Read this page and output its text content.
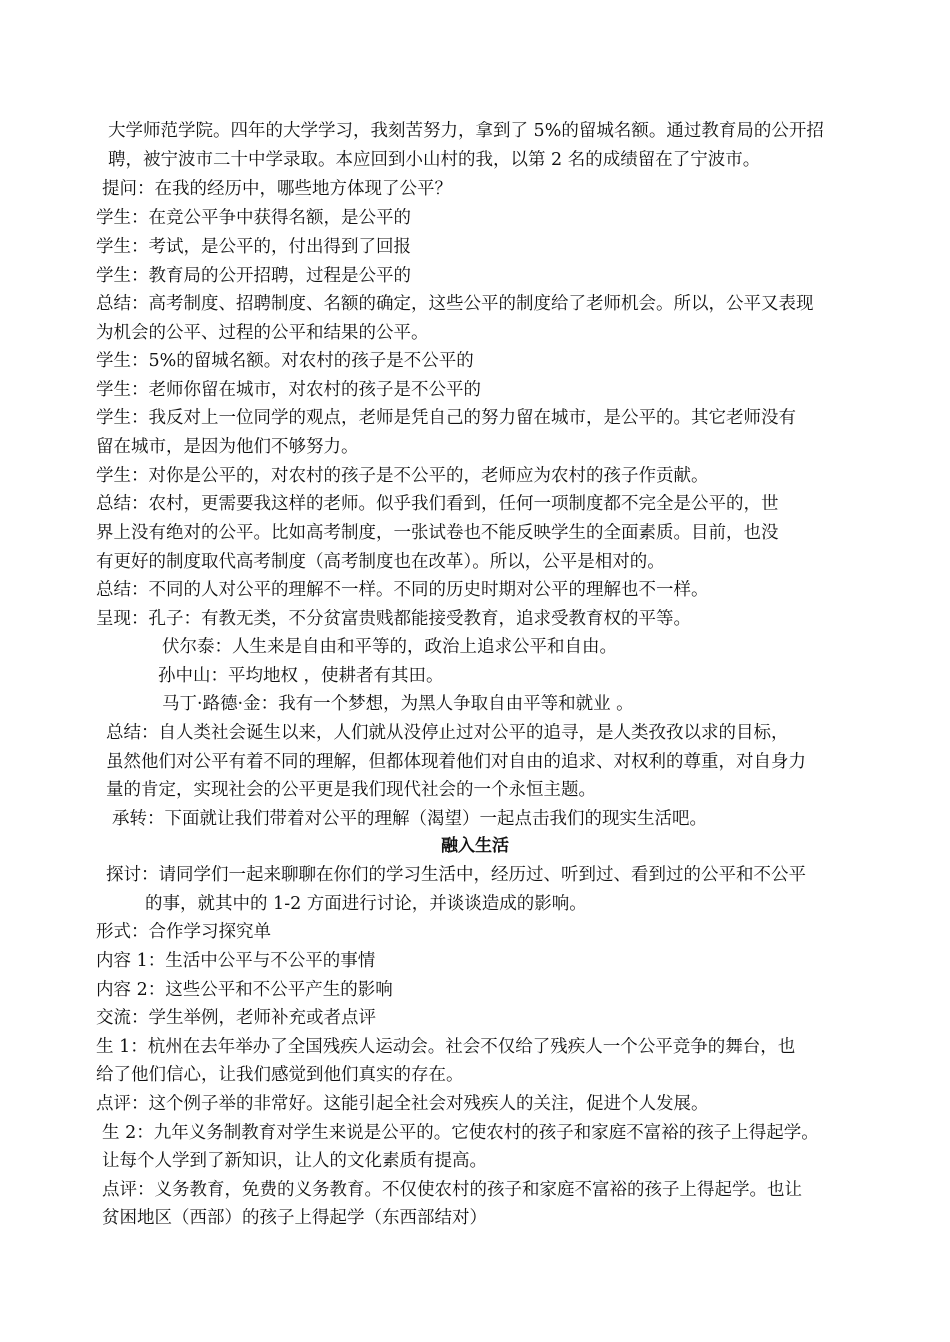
大学师范学院。四年的大学学习，我刻苦努力，拿到了 5%的留城名额。通过教育局的公开招
聘，被宁波市二十中学录取。本应回到小山村的我，以第 2 名的成绩留在了宁波市。
提问：在我的经历中，哪些地方体现了公平？
学生：在竞公平争中获得名额，是公平的
学生：考试，是公平的，付出得到了回报
学生：教育局的公开招聘，过程是公平的
总结：高考制度、招聘制度、名额的确定，这些公平的制度给了老师机会。所以，公平又表现
为机会的公平、过程的公平和结果的公平。
学生：5%的留城名额。对农村的孩子是不公平的
学生：老师你留在城市，对农村的孩子是不公平的
学生：我反对上一位同学的观点，老师是凭自己的努力留在城市，是公平的。其它老师没有
留在城市，是因为他们不够努力。
学生：对你是公平的，对农村的孩子是不公平的，老师应为农村的孩子作贡献。
总结：农村，更需要我这样的老师。似乎我们看到，任何一项制度都不完全是公平的，世
界上没有绝对的公平。比如高考制度，一张试卷也不能反映学生的全面素质。目前，也没
有更好的制度取代高考制度（高考制度也在改革）。所以，公平是相对的。
总结：不同的人对公平的理解不一样。不同的历史时期对公平的理解也不一样。
呈现：孔子：有教无类，不分贫富贵贱都能接受教育，追求受教育权的平等。
伏尔泰：人生来是自由和平等的，政治上追求公平和自由。
孙中山：平均地权 ，使耕者有其田。
马丁·路德·金：我有一个梦想，为黑人争取自由平等和就业 。
总结：自人类社会诞生以来，人们就从没停止过对公平的追寻，是人类孜孜以求的目标，
虽然他们对公平有着不同的理解，但都体现着他们对自由的追求、对权利的尊重，对自身力
量的肯定，实现社会的公平更是我们现代社会的一个永恒主题。
承转：下面就让我们带着对公平的理解（渴望）一起点击我们的现实生活吧。
融入生活
探讨：请同学们一起来聊聊在你们的学习生活中，经历过、听到过、看到过的公平和不公平
的事，就其中的 1-2 方面进行讨论，并谈谈造成的影响。
形式：合作学习探究单
内容 1：生活中公平与不公平的事情
内容 2：这些公平和不公平产生的影响
交流：学生举例，老师补充或者点评
生 1：杭州在去年举办了全国残疾人运动会。社会不仅给了残疾人一个公平竞争的舞台，也
给了他们信心，让我们感觉到他们真实的存在。
点评：这个例子举的非常好。这能引起全社会对残疾人的关注，促进个人发展。
生 2：九年义务制教育对学生来说是公平的。它使农村的孩子和家庭不富裕的孩子上得起学。
让每个人学到了新知识，让人的文化素质有提高。
点评：义务教育，免费的义务教育。不仅使农村的孩子和家庭不富裕的孩子上得起学。也让
贫困地区（西部）的孩子上得起学（东西部结对）
